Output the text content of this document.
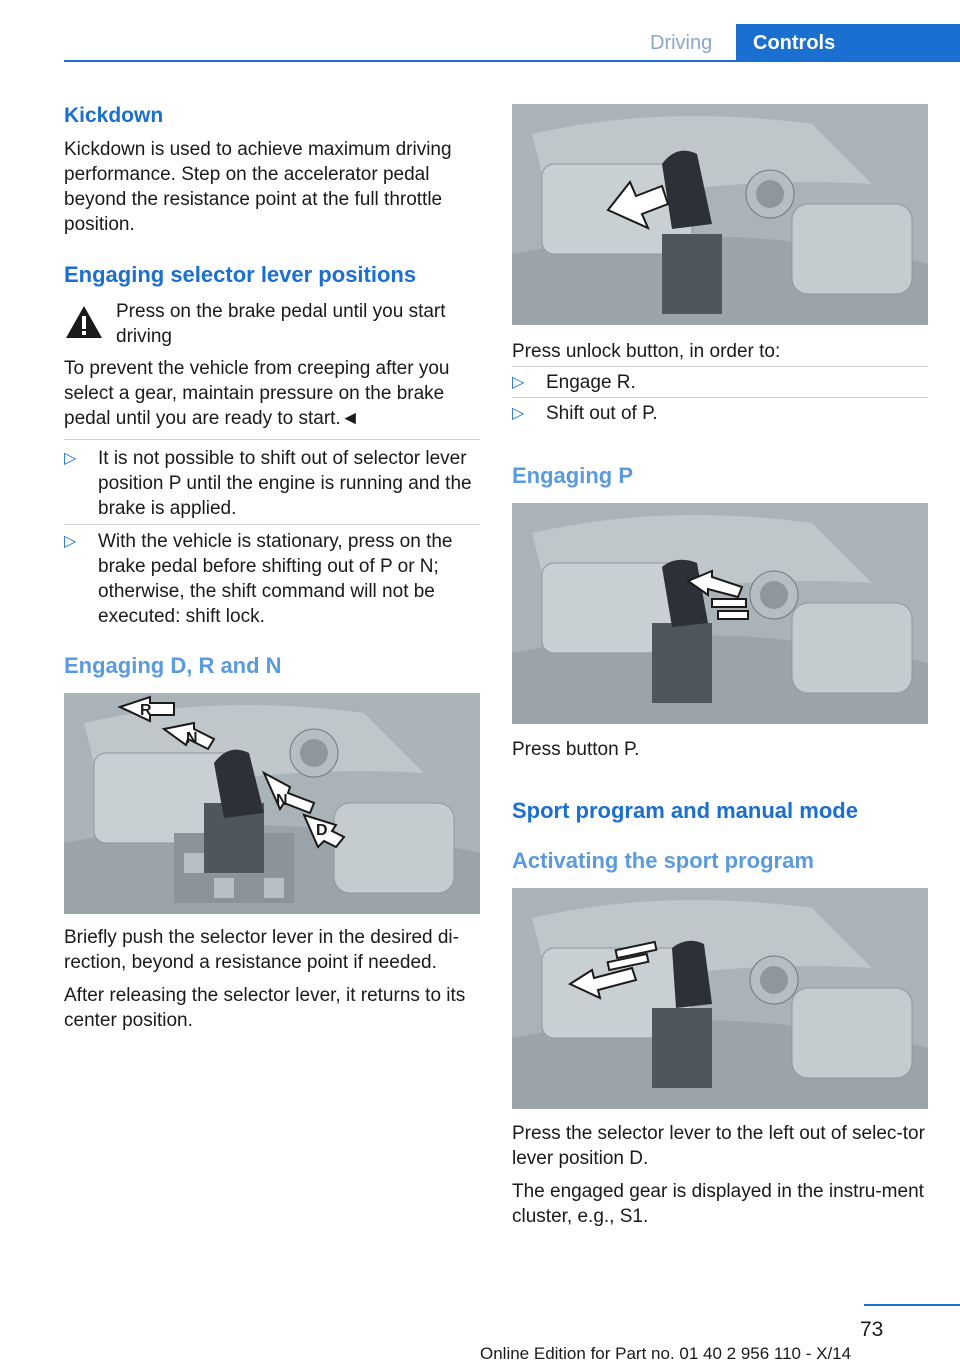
Driving	Controls
Kickdown

Kickdown is used to achieve maximum driving performance. Step on the accelerator pedal beyond the resistance point at the full throttle position.

Engaging selector lever positions

Press on the brake pedal until you start driving

To prevent the vehicle from creeping after you select a gear, maintain pressure on the brake pedal until you are ready to start.◄

▷ It is not possible to shift out of selector lever position P until the engine is running and the brake is applied.
▷ With the vehicle is stationary, press on the brake pedal before shifting out of P or N; otherwise, the shift command will not be executed: shift lock.
Engaging D, R and N
R
N
N
D

Briefly push the selector lever in the desired di-rection, beyond a resistance point if needed.

After releasing the selector lever, it returns to its center position.

Press unlock button, in order to:

▷ Engage R.
▷ Shift out of P.
Engaging P

Press button P.

Sport program and manual mode
Activating the sport program

Press the selector lever to the left out of selec-tor lever position D.

The engaged gear is displayed in the instru-ment cluster, e.g., S1.

73
Online Edition for Part no. 01 40 2 956 110 - X/14
